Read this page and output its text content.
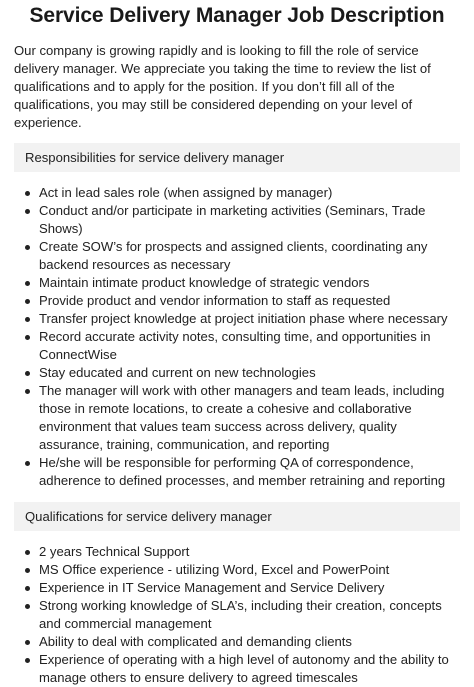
Service Delivery Manager Job Description

Our company is growing rapidly and is looking to fill the role of service delivery manager. We appreciate you taking the time to review the list of qualifications and to apply for the position. If you don’t fill all of the qualifications, you may still be considered depending on your level of experience.

Responsibilities for service delivery manager
Act in lead sales role (when assigned by manager)
Conduct and/or participate in marketing activities (Seminars, Trade Shows)
Create SOW’s for prospects and assigned clients, coordinating any backend resources as necessary
Maintain intimate product knowledge of strategic vendors
Provide product and vendor information to staff as requested
Transfer project knowledge at project initiation phase where necessary
Record accurate activity notes, consulting time, and opportunities in ConnectWise
Stay educated and current on new technologies
The manager will work with other managers and team leads, including those in remote locations, to create a cohesive and collaborative environment that values team success across delivery, quality assurance, training, communication, and reporting
He/she will be responsible for performing QA of correspondence, adherence to defined processes, and member retraining and reporting
Qualifications for service delivery manager
2 years Technical Support
MS Office experience - utilizing Word, Excel and PowerPoint
Experience in IT Service Management and Service Delivery
Strong working knowledge of SLA’s, including their creation, concepts and commercial management
Ability to deal with complicated and demanding clients
Experience of operating with a high level of autonomy and the ability to manage others to ensure delivery to agreed timescales
